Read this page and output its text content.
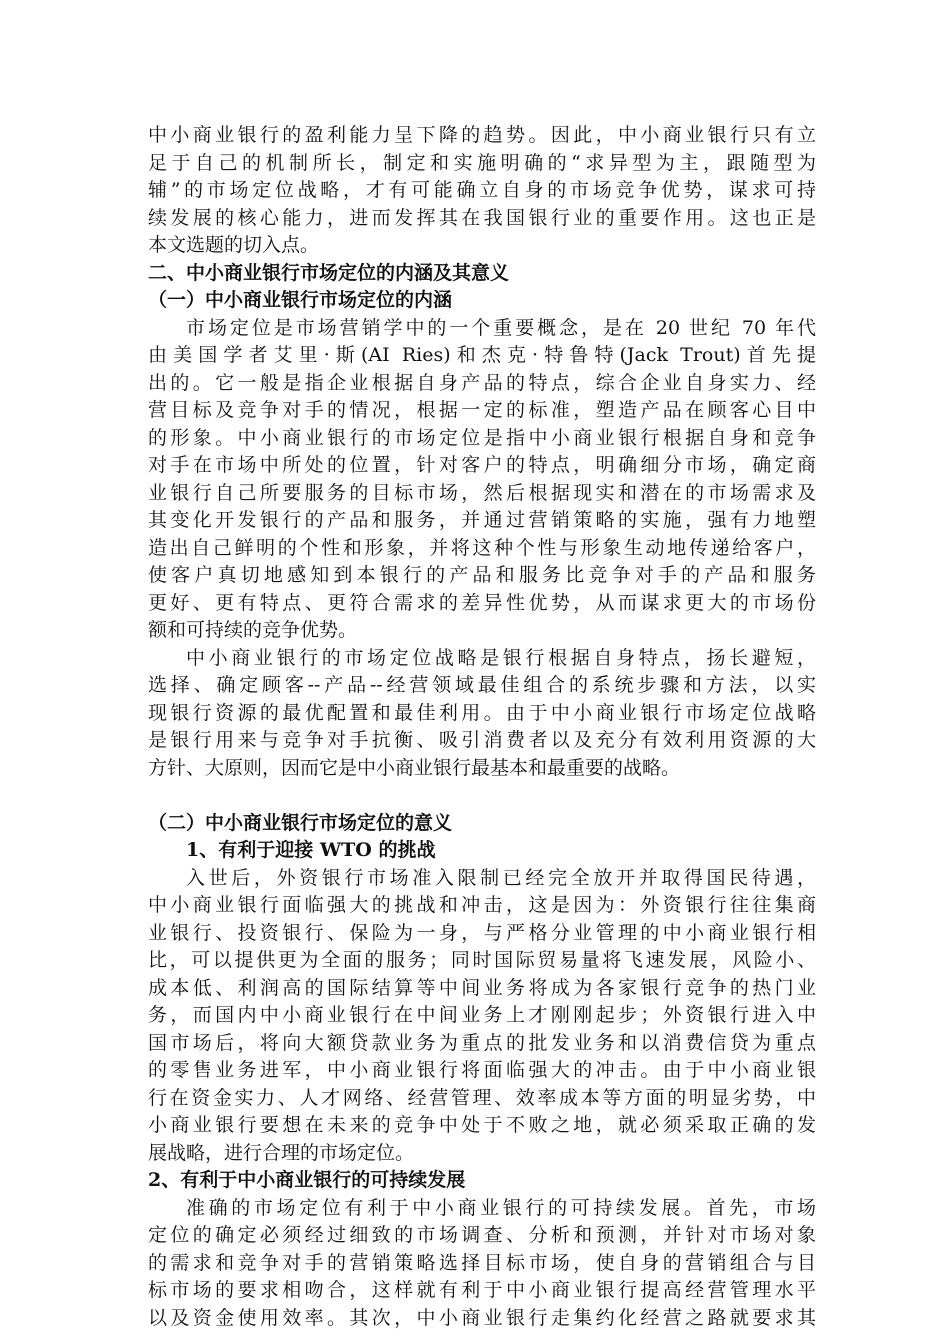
中小商业银行的盈利能力呈下降的趋势。因此，中小商业银行只有立
足于自己的机制所长，制定和实施明确的“求异型为主，跟随型为
辅”的市场定位战略，才有可能确立自身的市场竞争优势，谋求可持
续发展的核心能力，进而发挥其在我国银行业的重要作用。这也正是
本文选题的切入点。
二、中小商业银行市场定位的内涵及其意义
（一）中小商业银行市场定位的内涵
市场定位是市场营销学中的一个重要概念，是在 20 世纪 70 年代
由美国学者艾里·斯(AI Ries)和杰克·特鲁特(Jack Trout)首先提
出的。它一般是指企业根据自身产品的特点，综合企业自身实力、经
营目标及竞争对手的情况，根据一定的标准，塑造产品在顾客心目中
的形象。中小商业银行的市场定位是指中小商业银行根据自身和竞争
对手在市场中所处的位置，针对客户的特点，明确细分市场，确定商
业银行自己所要服务的目标市场，然后根据现实和潜在的市场需求及
其变化开发银行的产品和服务，并通过营销策略的实施，强有力地塑
造出自己鲜明的个性和形象，并将这种个性与形象生动地传递给客户，
使客户真切地感知到本银行的产品和服务比竞争对手的产品和服务
更好、更有特点、更符合需求的差异性优势，从而谋求更大的市场份
额和可持续的竞争优势。
中小商业银行的市场定位战略是银行根据自身特点，扬长避短，
选择、确定顾客--产品--经营领域最佳组合的系统步骤和方法，以实
现银行资源的最优配置和最佳利用。由于中小商业银行市场定位战略
是银行用来与竞争对手抗衡、吸引消费者以及充分有效利用资源的大
方针、大原则，因而它是中小商业银行最基本和最重要的战略。
（二）中小商业银行市场定位的意义
1、有利于迎接 WTO 的挑战
入世后，外资银行市场准入限制已经完全放开并取得国民待遇，
中小商业银行面临强大的挑战和冲击，这是因为：外资银行往往集商
业银行、投资银行、保险为一身，与严格分业管理的中小商业银行相
比，可以提供更为全面的服务；同时国际贸易量将飞速发展，风险小、
成本低、利润高的国际结算等中间业务将成为各家银行竞争的热门业
务，而国内中小商业银行在中间业务上才刚刚起步；外资银行进入中
国市场后，将向大额贷款业务为重点的批发业务和以消费信贷为重点
的零售业务进军，中小商业银行将面临强大的冲击。由于中小商业银
行在资金实力、人才网络、经营管理、效率成本等方面的明显劣势，中
小商业银行要想在未来的竞争中处于不败之地，就必须采取正确的发
展战略，进行合理的市场定位。
2、有利于中小商业银行的可持续发展
准确的市场定位有利于中小商业银行的可持续发展。首先，市场
定位的确定必须经过细致的市场调查、分析和预测，并针对市场对象
的需求和竞争对手的营销策略选择目标市场，使自身的营销组合与目
标市场的要求相吻合，这样就有利于中小商业银行提高经营管理水平
以及资金使用效率。其次，中小商业银行走集约化经营之路就要求其
